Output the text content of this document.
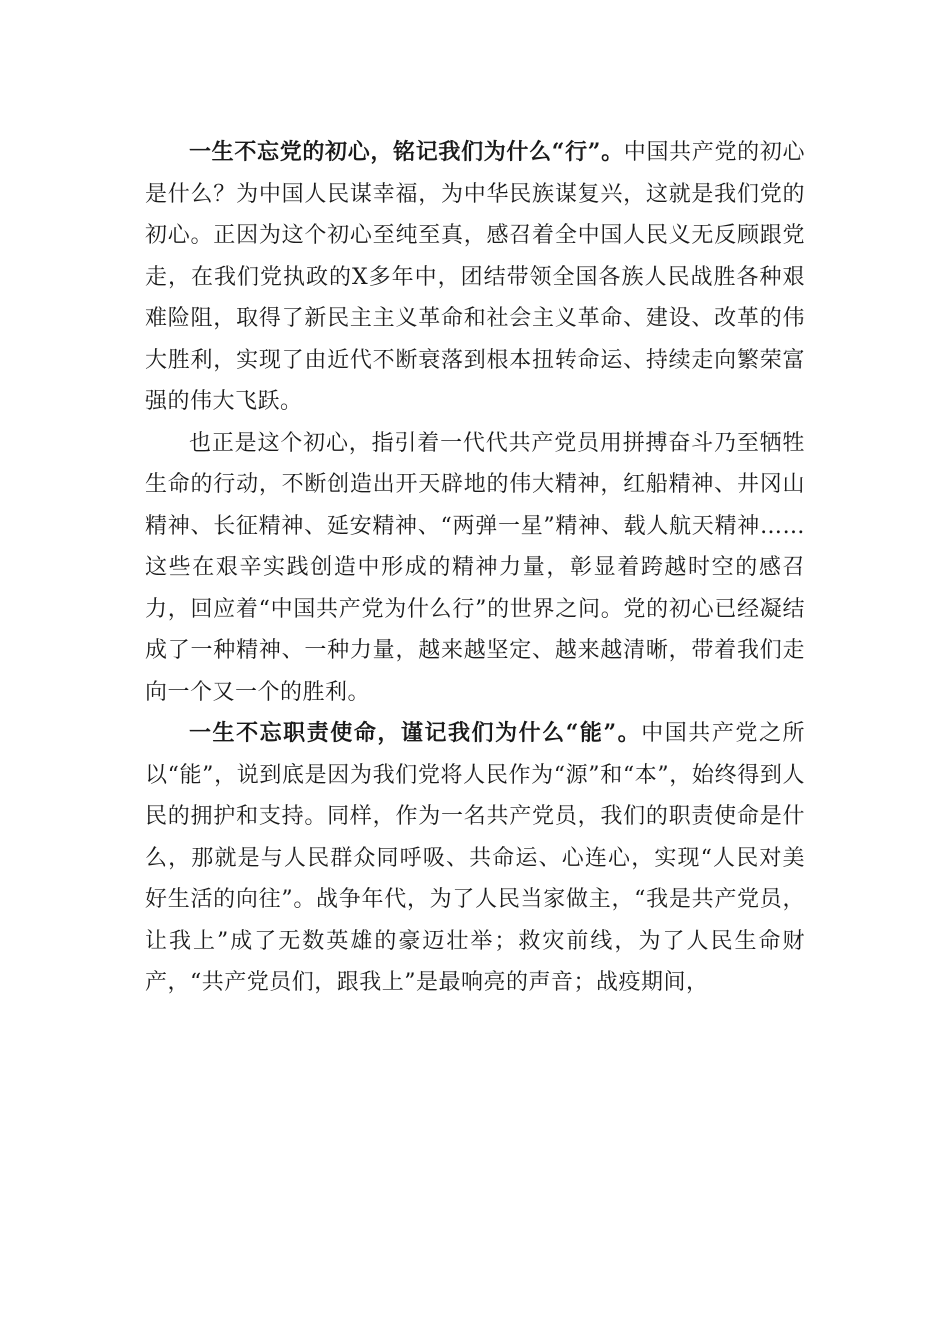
一生不忘党的初心，铭记我们为什么“行”。中国共产党的初心是什么？为中国人民谋幸福，为中华民族谋复兴，这就是我们党的初心。正因为这个初心至纯至真，感召着全中国人民义无反顾跟党走，在我们党执政的X多年中，团结带领全国各族人民战胜各种艰难险阻，取得了新民主主义革命和社会主义革命、建设、改革的伟大胜利，实现了由近代不断衰落到根本扭转命运、持续走向繁荣富强的伟大飞跃。

也正是这个初心，指引着一代代共产党员用拼搏奋斗乃至牺牲生命的行动，不断创造出开天辟地的伟大精神，红船精神、井冈山精神、长征精神、延安精神、“两弹一星”精神、载人航天精神……这些在艰辛实践创造中形成的精神力量，彰显着跨越时空的感召力，回应着“中国共产党为什么行”的世界之问。党的初心已经凝结成了一种精神、一种力量，越来越坚定、越来越清晰，带着我们走向一个又一个的胜利。

一生不忘职责使命，谨记我们为什么“能”。中国共产党之所以“能”，说到底是因为我们党将人民作为“源”和“本”，始终得到人民的拥护和支持。同样，作为一名共产党员，我们的职责使命是什么，那就是与人民群众同呼吸、共命运、心连心，实现“人民对美好生活的向往”。战争年代，为了人民当家做主，“我是共产党员，让我上”成了无数英雄的豪迈壮举；救灾前线，为了人民生命财产，“共产党员们，跟我上”是最响亮的声音；战疫期间，
